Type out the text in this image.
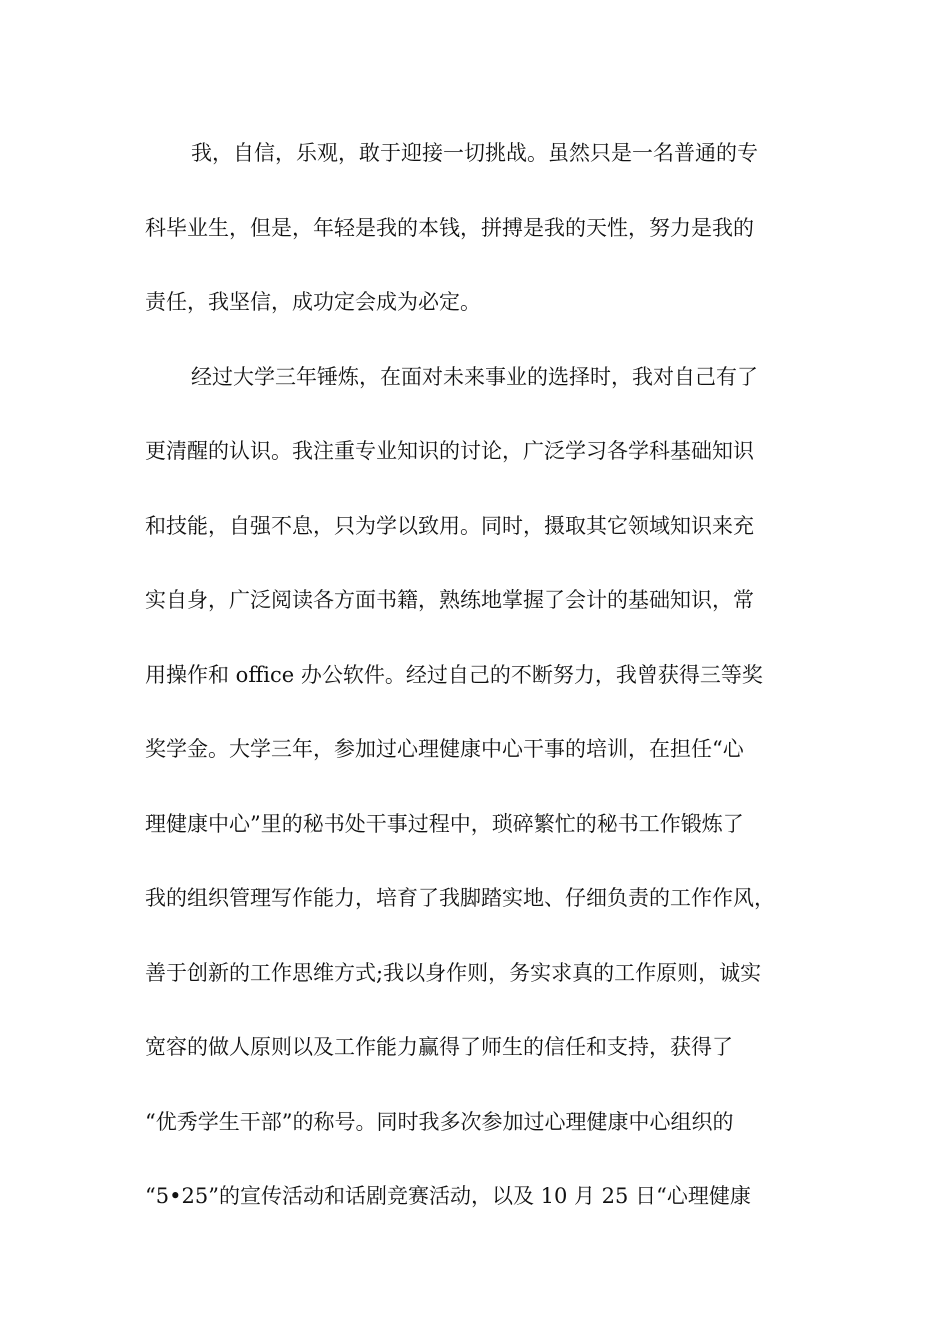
我，自信，乐观，敢于迎接一切挑战。虽然只是一名普通的专
科毕业生，但是，年轻是我的本钱，拼搏是我的天性，努力是我的
责任，我坚信，成功定会成为必定。
经过大学三年锤炼，在面对未来事业的选择时，我对自己有了
更清醒的认识。我注重专业知识的讨论，广泛学习各学科基础知识
和技能，自强不息，只为学以致用。同时，摄取其它领域知识来充
实自身，广泛阅读各方面书籍，熟练地掌握了会计的基础知识，常
用操作和 office 办公软件。经过自己的不断努力，我曾获得三等奖
奖学金。大学三年，参加过心理健康中心干事的培训，在担任“心
理健康中心”里的秘书处干事过程中，琐碎繁忙的秘书工作锻炼了
我的组织管理写作能力，培育了我脚踏实地、仔细负责的工作作风，
善于创新的工作思维方式;我以身作则，务实求真的工作原则，诚实
宽容的做人原则以及工作能力赢得了师生的信任和支持，获得了
“优秀学生干部”的称号。同时我多次参加过心理健康中心组织的
“5•25”的宣传活动和话剧竞赛活动，以及 10 月 25 日“心理健康
